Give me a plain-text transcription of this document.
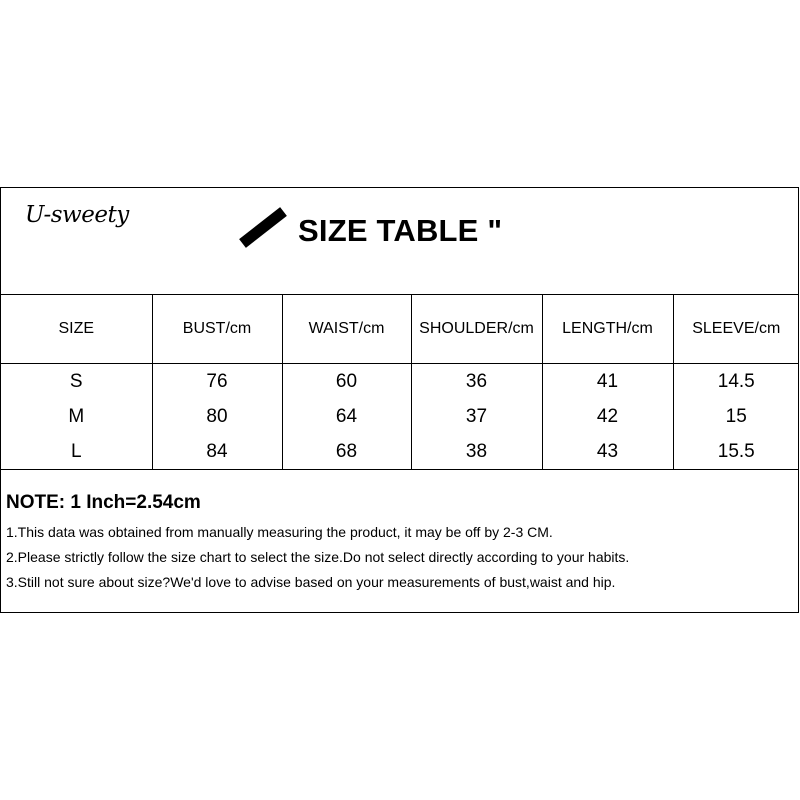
U-sweety	SIZE TABLE "
SIZE	BUST/cm	WAIST/cm	SHOULDER/cm	LENGTH/cm	SLEEVE/cm
S	76	60	36	41	14.5
M	80	64	37	42	15
L	84	68	38	43	15.5
NOTE: 1 Inch=2.54cm
1.This data was obtained from manually measuring the product, it may be off by 2-3 CM.
2.Please strictly follow the size chart to select the size.Do not select directly according to your habits.
3.Still not sure about size?We'd love to advise based on your measurements of bust,waist and hip.
